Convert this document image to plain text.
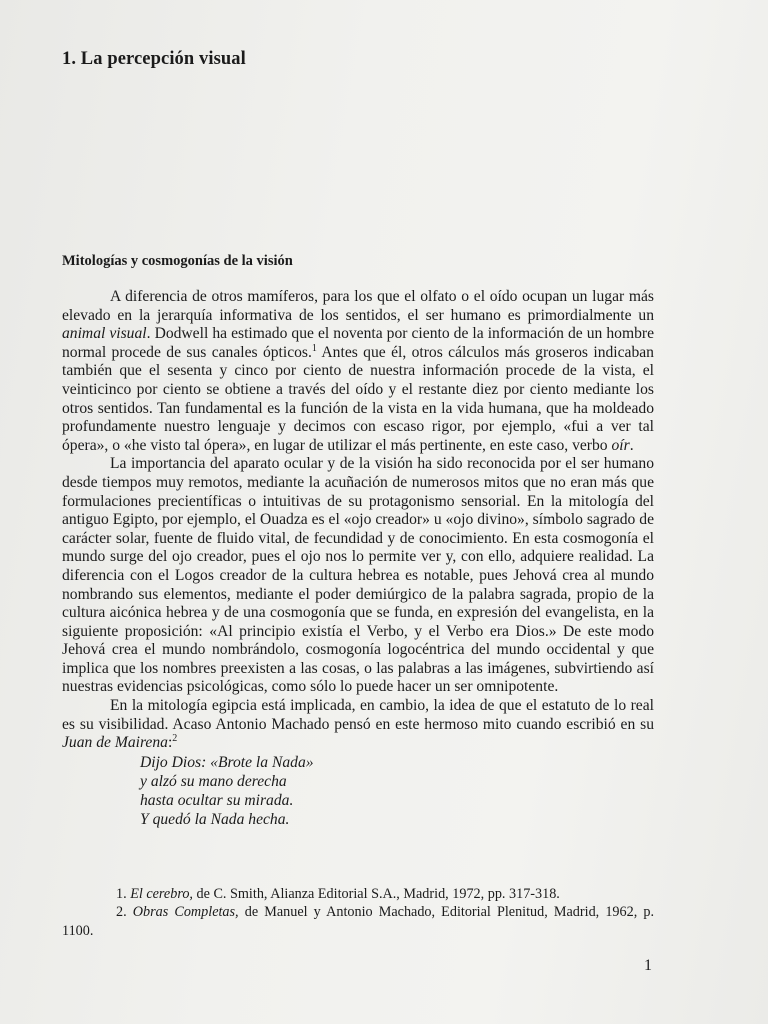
1. La percepción visual
Mitologías y cosmogonías de la visión

A diferencia de otros mamíferos, para los que el olfato o el oído ocupan un lugar más elevado en la jerarquía informativa de los sentidos, el ser humano es primordialmente un animal visual. Dodwell ha estimado que el noventa por ciento de la información de un hombre normal procede de sus canales ópticos.$^1$ Antes que él, otros cálculos más groseros indicaban también que el sesenta y cinco por ciento de nuestra información procede de la vista, el veinticinco por ciento se obtiene a través del oído y el restante diez por ciento mediante los otros sentidos. Tan fundamental es la función de la vista en la vida humana, que ha moldeado profundamente nuestro lenguaje y decimos con escaso rigor, por ejemplo, «fui a ver tal ópera», o «he visto tal ópera», en lugar de utilizar el más pertinente, en este caso, verbo oír.

La importancia del aparato ocular y de la visión ha sido reconocida por el ser humano desde tiempos muy remotos, mediante la acuñación de numerosos mitos que no eran más que formulaciones precientíficas o intuitivas de su protagonismo sensorial. En la mitología del antiguo Egipto, por ejemplo, el Ouadza es el «ojo creador» u «ojo divino», símbolo sagrado de carácter solar, fuente de fluido vital, de fecundidad y de conocimiento. En esta cosmogonía el mundo surge del ojo creador, pues el ojo nos lo permite ver y, con ello, adquiere realidad. La diferencia con el Logos creador de la cultura hebrea es notable, pues Jehová crea al mundo nombrando sus elementos, mediante el poder demiúrgico de la palabra sagrada, propio de la cultura aicónica hebrea y de una cosmogonía que se funda, en expresión del evangelista, en la siguiente proposición: «Al principio existía el Verbo, y el Verbo era Dios.» De este modo Jehová crea el mundo nombrándolo, cosmogonía logocéntrica del mundo occidental y que implica que los nombres preexisten a las cosas, o las palabras a las imágenes, subvirtiendo así nuestras evidencias psicológicas, como sólo lo puede hacer un ser omnipotente.

En la mitología egipcia está implicada, en cambio, la idea de que el estatuto de lo real es su visibilidad. Acaso Antonio Machado pensó en este hermoso mito cuando escribió en su Juan de Mairena:$^2$

Dijo Dios: «Brote la Nada»
y alzó su mano derecha
hasta ocultar su mirada.
Y quedó la Nada hecha.

1. El cerebro, de C. Smith, Alianza Editorial S.A., Madrid, 1972, pp. 317-318.

2. Obras Completas, de Manuel y Antonio Machado, Editorial Plenitud, Madrid, 1962, p. 1100.

1
